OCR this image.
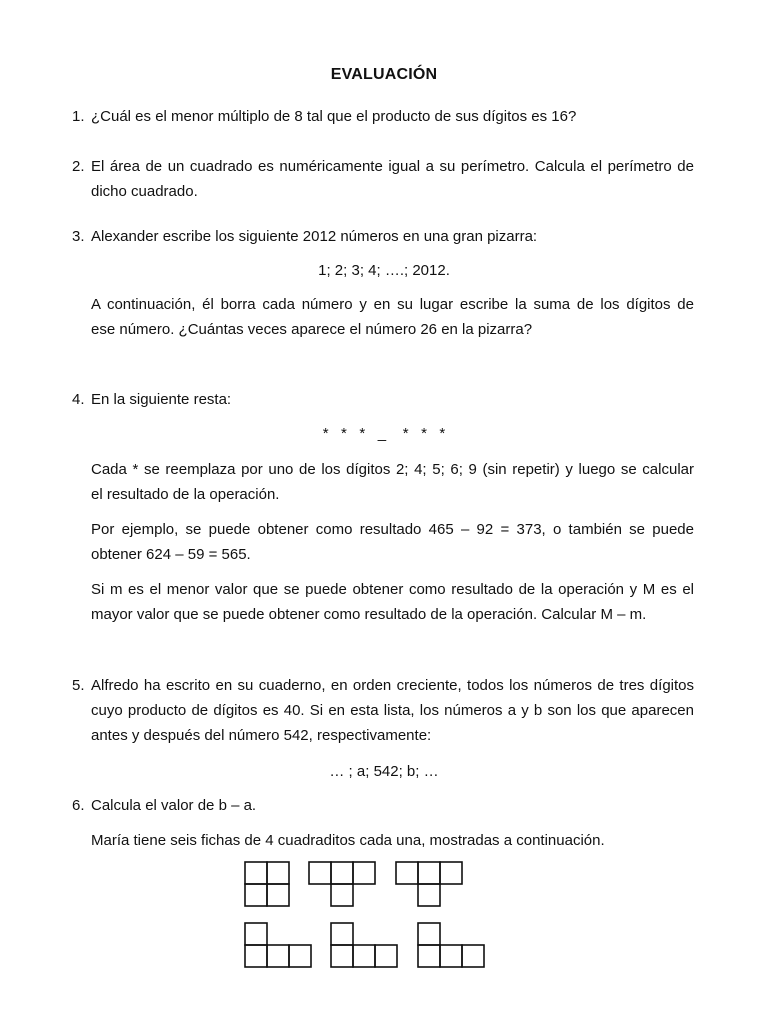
EVALUACIÓN
1. ¿Cuál es el menor múltiplo de 8 tal que el producto de sus dígitos es 16?
2. El área de un cuadrado es numéricamente igual a su perímetro. Calcula el perímetro de
dicho cuadrado.
3. Alexander escribe los siguiente 2012 números en una gran pizarra:
1; 2; 3; 4; ….; 2012.
A continuación, él borra cada número y en su lugar escribe la suma de los dígitos de
ese número. ¿Cuántas veces aparece el número 26 en la pizarra?
4. En la siguiente resta:
*   *   *   _    *   *   *
Cada * se reemplaza por uno de los dígitos 2; 4; 5; 6; 9 (sin repetir) y luego se calcular
el resultado de la operación.
Por ejemplo, se puede obtener como resultado 465 – 92 = 373, o también se puede
obtener 624 – 59 = 565.
Si m es el menor valor que se puede obtener como resultado de la operación y M es el
mayor valor que se puede obtener como resultado de la operación. Calcular M – m.
5. Alfredo ha escrito en su cuaderno, en orden creciente, todos los números de tres dígitos
cuyo producto de dígitos es 40. Si en esta lista, los números a y b son los que aparecen
antes y después del número 542, respectivamente:
… ; a; 542; b; …
6. Calcula el valor de b – a.
María tiene seis fichas de 4 cuadraditos cada una, mostradas a continuación.
